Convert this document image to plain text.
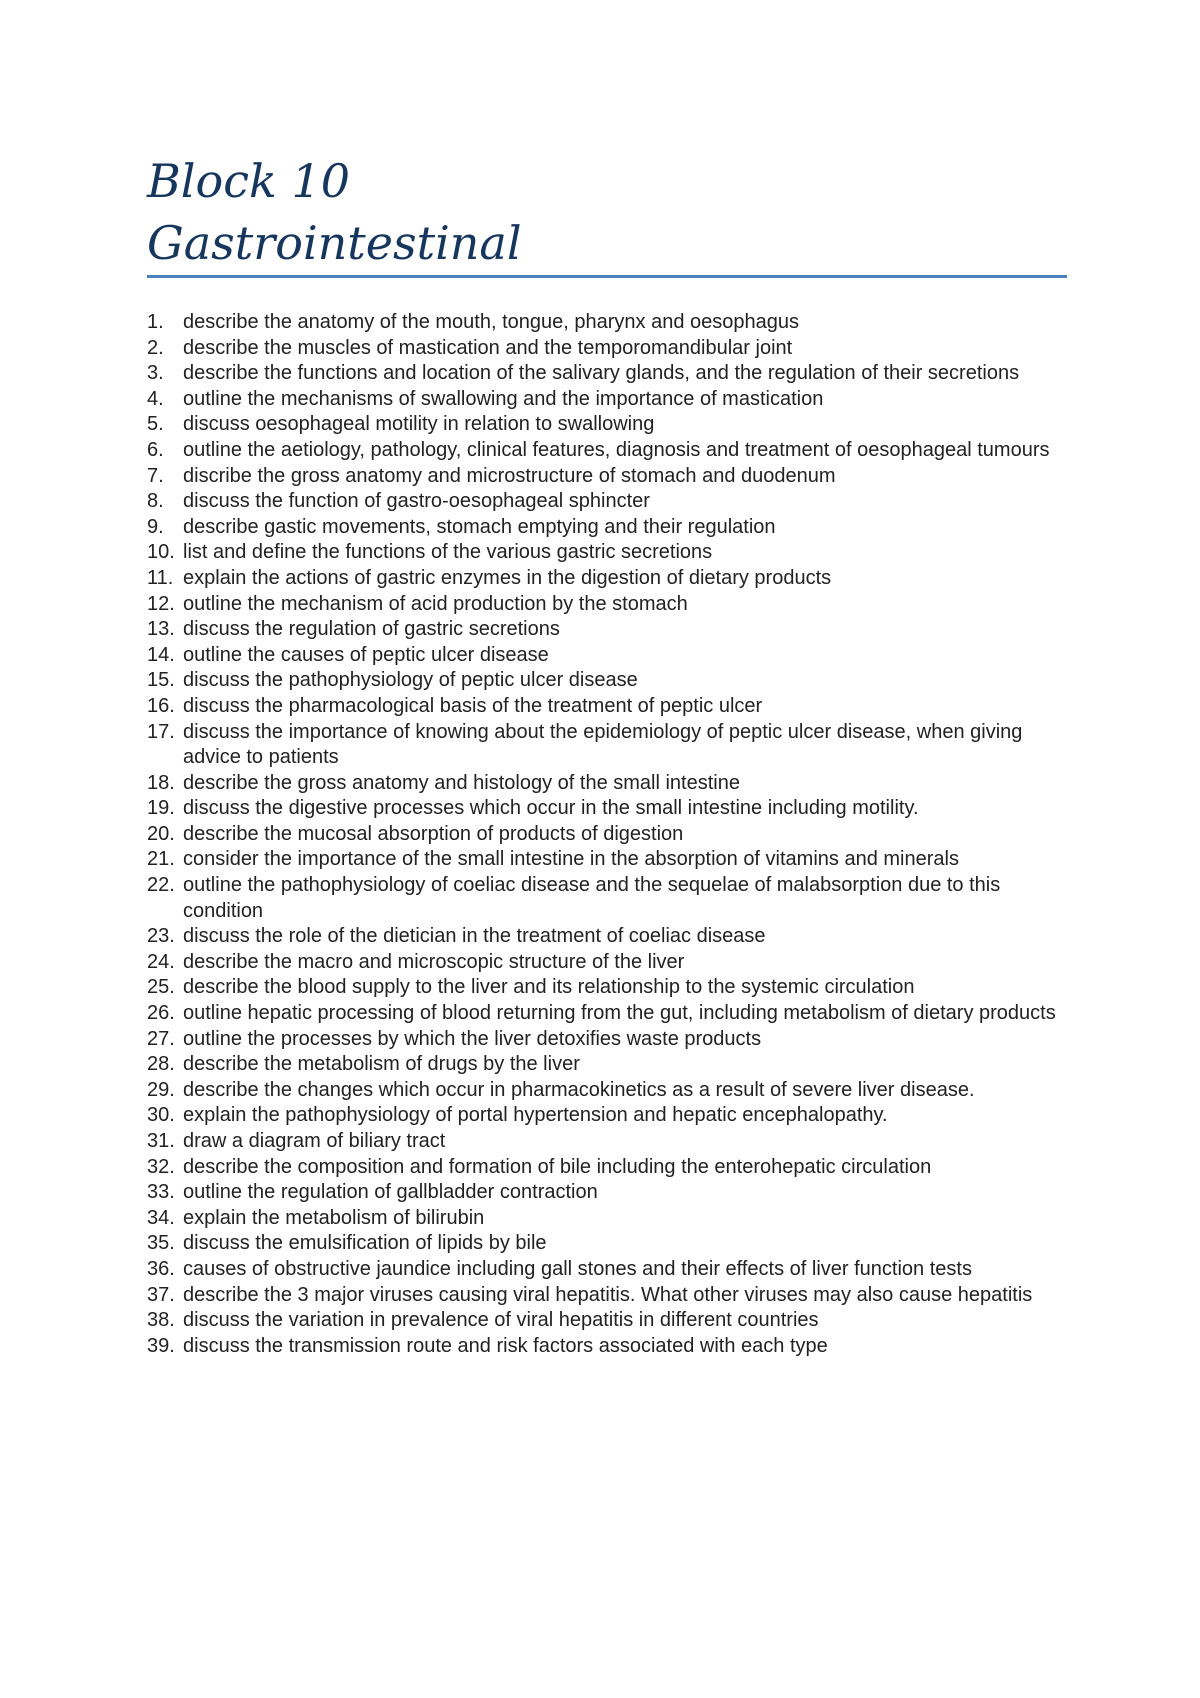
Block 10

Gastrointestinal

1. describe the anatomy of the mouth, tongue, pharynx and oesophagus
2. describe the muscles of mastication and the temporomandibular joint
3. describe the functions and location of the salivary glands, and the regulation of their secretions
4. outline the mechanisms of swallowing and the importance of mastication
5. discuss oesophageal motility in relation to swallowing
6. outline the aetiology, pathology, clinical features, diagnosis and treatment of oesophageal tumours
7. discribe the gross anatomy and microstructure of stomach and duodenum
8. discuss the function of gastro-oesophageal sphincter
9. describe gastic movements, stomach emptying and their regulation
10. list and define the functions of the various gastric secretions
11. explain the actions of gastric enzymes in the digestion of dietary products
12. outline the mechanism of acid production by the stomach
13. discuss the regulation of gastric secretions
14. outline the causes of peptic ulcer disease
15. discuss the pathophysiology of peptic ulcer disease
16. discuss the pharmacological basis of the treatment of peptic ulcer
17. discuss the importance of knowing about the epidemiology of peptic ulcer disease, when giving advice to patients
18. describe the gross anatomy and histology of the small intestine
19. discuss the digestive processes which occur in the small intestine including motility.
20. describe the mucosal absorption of products of digestion
21. consider the importance of the small intestine in the absorption of vitamins and minerals
22. outline the pathophysiology of coeliac disease and the sequelae of malabsorption due to this condition
23. discuss the role of the dietician in the treatment of coeliac disease
24. describe the macro and microscopic structure of the liver
25. describe the blood supply to the liver and its relationship to the systemic circulation
26. outline hepatic processing of blood returning from the gut, including metabolism of dietary products
27. outline the processes by which the liver detoxifies waste products
28. describe the metabolism of drugs by the liver
29. describe the changes which occur in pharmacokinetics as a result of severe liver disease.
30. explain the pathophysiology of portal hypertension and hepatic encephalopathy.
31. draw a diagram of biliary tract
32. describe the composition and formation of bile including the enterohepatic circulation
33. outline the regulation of gallbladder contraction
34. explain the metabolism of bilirubin
35. discuss the emulsification of lipids by bile
36. causes of obstructive jaundice including gall stones and their effects of liver function tests
37. describe the 3 major viruses causing viral hepatitis. What other viruses may also cause hepatitis
38. discuss the variation in prevalence of viral hepatitis in different countries
39. discuss the transmission route and risk factors associated with each type
